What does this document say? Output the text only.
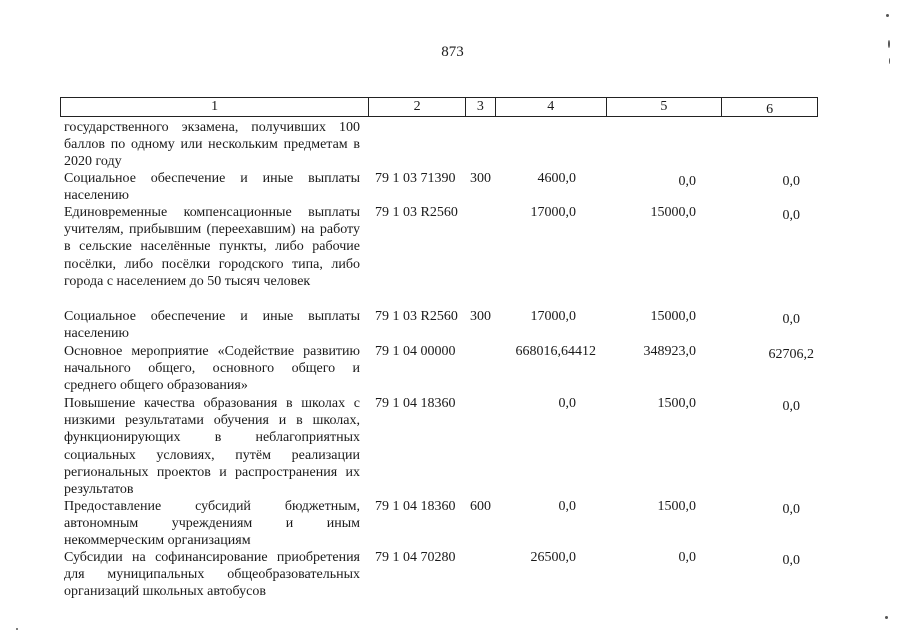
873
1	2	3	4	5	6
государственного экзамена, получивших 100 баллов по одному или нескольким предметам в 2020 году
Социальное обеспечение и иные выплаты населению
79 1 03 71390 300	4600,0	0,0	0,0
Единовременные компенсационные выплаты учителям, прибывшим (переехавшим) на работу в сельские населённые пункты, либо рабочие посёлки, либо посёлки городского типа, либо города с населением до 50 тысяч человек
79 1 03 R2560	17000,0	15000,0	0,0
Социальное обеспечение и иные выплаты населению
79 1 03 R2560 300	17000,0	15000,0	0,0
Основное мероприятие «Содействие развитию начального общего, основного общего и среднего общего образования»
79 1 04 00000	668016,64412	348923,0	62706,2
Повышение качества образования в школах с низкими результатами обучения и в школах, функционирующих в неблагоприятных социальных условиях, путём реализации региональных проектов и распространения их результатов
79 1 04 18360	0,0	1500,0	0,0
Предоставление субсидий бюджетным, автономным учреждениям и иным некоммерческим организациям
79 1 04 18360 600	0,0	1500,0	0,0
Субсидии на софинансирование приобретения для муниципальных общеобразовательных организаций школьных автобусов
79 1 04 70280	26500,0	0,0	0,0
